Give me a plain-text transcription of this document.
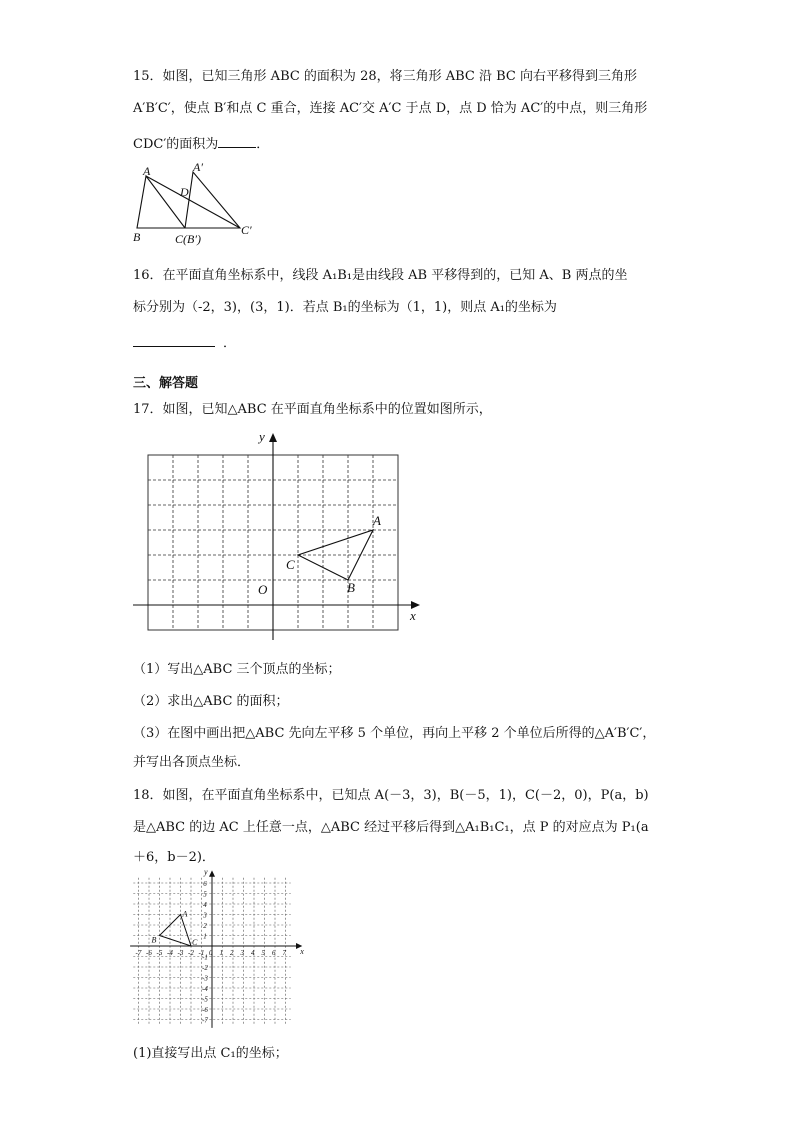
15．如图，已知三角形 ABC 的面积为 28，将三角形 ABC 沿 BC 向右平移得到三角形
A′B′C′，使点 B′和点 C 重合，连接 AC′交 A′C 于点 D，点 D 恰为 AC′的中点，则三角形
CDC′的面积为	．
A	A′
D
B	C(B′)
C′
16．在平面直角坐标系中，线段 A₁B₁是由线段 AB 平移得到的，已知 A、B 两点的坐
标分别为（-2，3)，(3，1)．若点 B₁的坐标为（1，1)，则点 A₁的坐标为
．
三、解答题
17．如图，已知△ABC 在平面直角坐标系中的位置如图所示，
y
x
O
A
B
C
（1）写出△ABC 三个顶点的坐标；
（2）求出△ABC 的面积；
（3）在图中画出把△ABC 先向左平移 5 个单位，再向上平移 2 个单位后所得的△A′B′C′，
并写出各顶点坐标．
18．如图，在平面直角坐标系中，已知点 A(－3，3)，B(－5，1)，C(－2，0)，P(a，b)
是△ABC 的边 AC 上任意一点，△ABC 经过平移后得到△A₁B₁C₁，点 P 的对应点为 P₁(a
＋6，b－2)．
-7 -6 -5 -4 -3 -2 -1 0 1 2 3 4 5 6 7
6
5
4
3
2
1
-1
-2
-3
-4
-5
-6
-7
A
B	C
y
x
(1)直接写出点 C₁的坐标；
